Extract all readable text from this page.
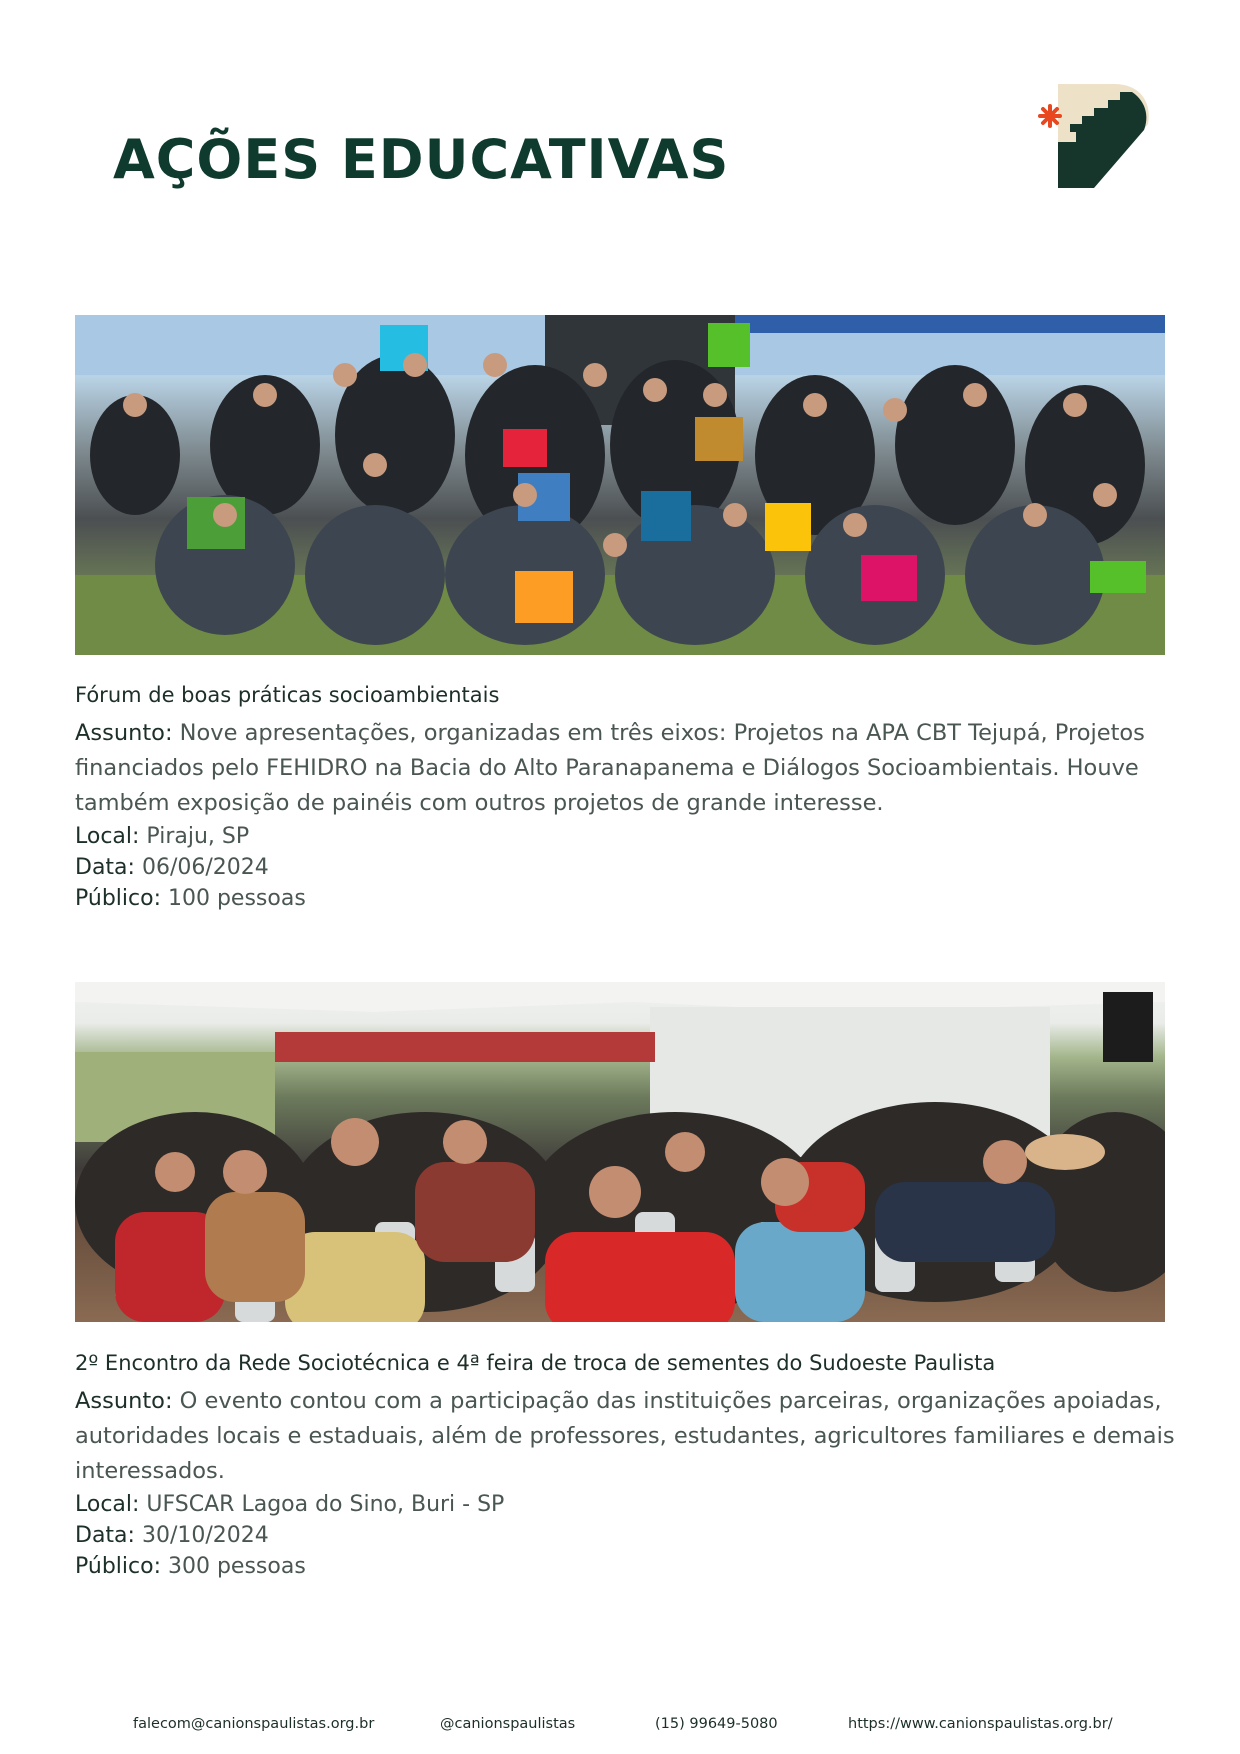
AÇÕES EDUCATIVAS

Fórum de boas práticas socioambientais

Assunto: Nove apresentações, organizadas em três eixos: Projetos na APA CBT Tejupá, Projetos

financiados pelo FEHIDRO na Bacia do Alto Paranapanema e Diálogos Socioambientais. Houve

também exposição de painéis com outros projetos de grande interesse.

Local: Piraju, SP

Data: 06/06/2024

Público: 100 pessoas

2º Encontro da Rede Sociotécnica e 4ª feira de troca de sementes do Sudoeste Paulista

Assunto: O evento contou com a participação das instituições parceiras, organizações apoiadas,

autoridades locais e estaduais, além de professores, estudantes, agricultores familiares e demais

interessados.

Local: UFSCAR Lagoa do Sino, Buri - SP

Data: 30/10/2024

Público: 300 pessoas

falecom@canionspaulistas.org.br	@canionspaulistas	(15) 99649-5080	https://www.canionspaulistas.org.br/
